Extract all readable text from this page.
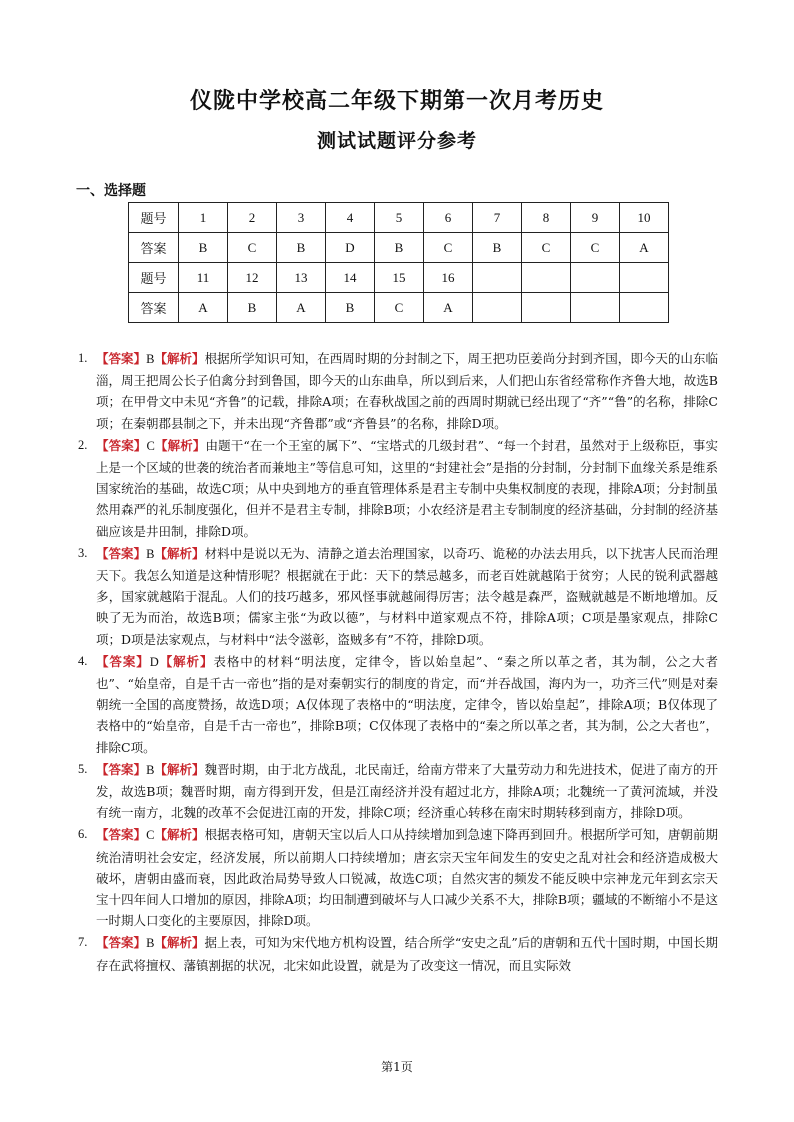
仪陇中学校高二年级下期第一次月考历史
测试试题评分参考
一、选择题
题号	1	2	3	4	5	6	7	8	9	10
答案	B	C	B	D	B	C	B	C	C	A
题号	11	12	13	14	15	16				
答案	A	B	A	B	C	A				
1. 【答案】B【解析】根据所学知识可知，在西周时期的分封制之下，周王把功臣姜尚分封到齐国，即今天的山东临淄，周王把周公长子伯禽分封到鲁国，即今天的山东曲阜，所以到后来，人们把山东省经常称作齐鲁大地，故选B项；在甲骨文中未见“齐鲁”的记载，排除A项；在春秋战国之前的西周时期就已经出现了“齐”“鲁”的名称，排除C项；在秦朝郡县制之下，并未出现“齐鲁郡”或“齐鲁县”的名称，排除D项。
2. 【答案】C【解析】由题干“在一个王室的属下”、“宝塔式的几级封君”、“每一个封君，虽然对于上级称臣，事实上是一个区域的世袭的统治者而兼地主”等信息可知，这里的“封建社会”是指的分封制，分封制下血缘关系是维系国家统治的基础，故选C项；从中央到地方的垂直管理体系是君主专制中央集权制度的表现，排除A项；分封制虽然用森严的礼乐制度强化，但并不是君主专制，排除B项；小农经济是君主专制制度的经济基础，分封制的经济基础应该是井田制，排除D项。
3. 【答案】B【解析】材料中是说以无为、清静之道去治理国家，以奇巧、诡秘的办法去用兵，以下扰害人民而治理天下。我怎么知道是这种情形呢？根据就在于此：天下的禁忌越多，而老百姓就越陷于贫穷；人民的锐利武器越多，国家就越陷于混乱。人们的技巧越多，邪风怪事就越闹得厉害；法令越是森严，盗贼就越是不断地增加。反映了无为而治，故选B项；儒家主张“为政以德”，与材料中道家观点不符，排除A项；C项是墨家观点，排除C项；D项是法家观点，与材料中“法令滋彰，盗贼多有”不符，排除D项。
4. 【答案】D【解析】表格中的材料“明法度，定律令，皆以始皇起”、“秦之所以革之者，其为制，公之大者也”、“始皇帝，自是千古一帝也”指的是对秦朝实行的制度的肯定，而“并吞战国，海内为一，功齐三代”则是对秦朝统一全国的高度赞扬，故选D项；A仅体现了表格中的“明法度，定律令，皆以始皇起”，排除A项；B仅体现了表格中的“始皇帝，自是千古一帝也”，排除B项；C仅体现了表格中的“秦之所以革之者，其为制，公之大者也”，排除C项。
5. 【答案】B【解析】魏晋时期，由于北方战乱，北民南迁，给南方带来了大量劳动力和先进技术，促进了南方的开发，故选B项；魏晋时期，南方得到开发，但是江南经济并没有超过北方，排除A项；北魏统一了黄河流域，并没有统一南方，北魏的改革不会促进江南的开发，排除C项；经济重心转移在南宋时期转移到南方，排除D项。
6. 【答案】C【解析】根据表格可知，唐朝天宝以后人口从持续增加到急速下降再到回升。根据所学可知，唐朝前期统治清明社会安定，经济发展，所以前期人口持续增加；唐玄宗天宝年间发生的安史之乱对社会和经济造成极大破坏，唐朝由盛而衰，因此政治局势导致人口锐减，故选C项；自然灾害的频发不能反映中宗神龙元年到玄宗天宝十四年间人口增加的原因，排除A项；均田制遭到破坏与人口减少关系不大，排除B项；疆域的不断缩小不是这一时期人口变化的主要原因，排除D项。
7. 【答案】B【解析】据上表，可知为宋代地方机构设置，结合所学“安史之乱”后的唐朝和五代十国时期，中国长期存在武将擅权、藩镇割据的状况，北宋如此设置，就是为了改变这一情况，而且实际效
第1页
